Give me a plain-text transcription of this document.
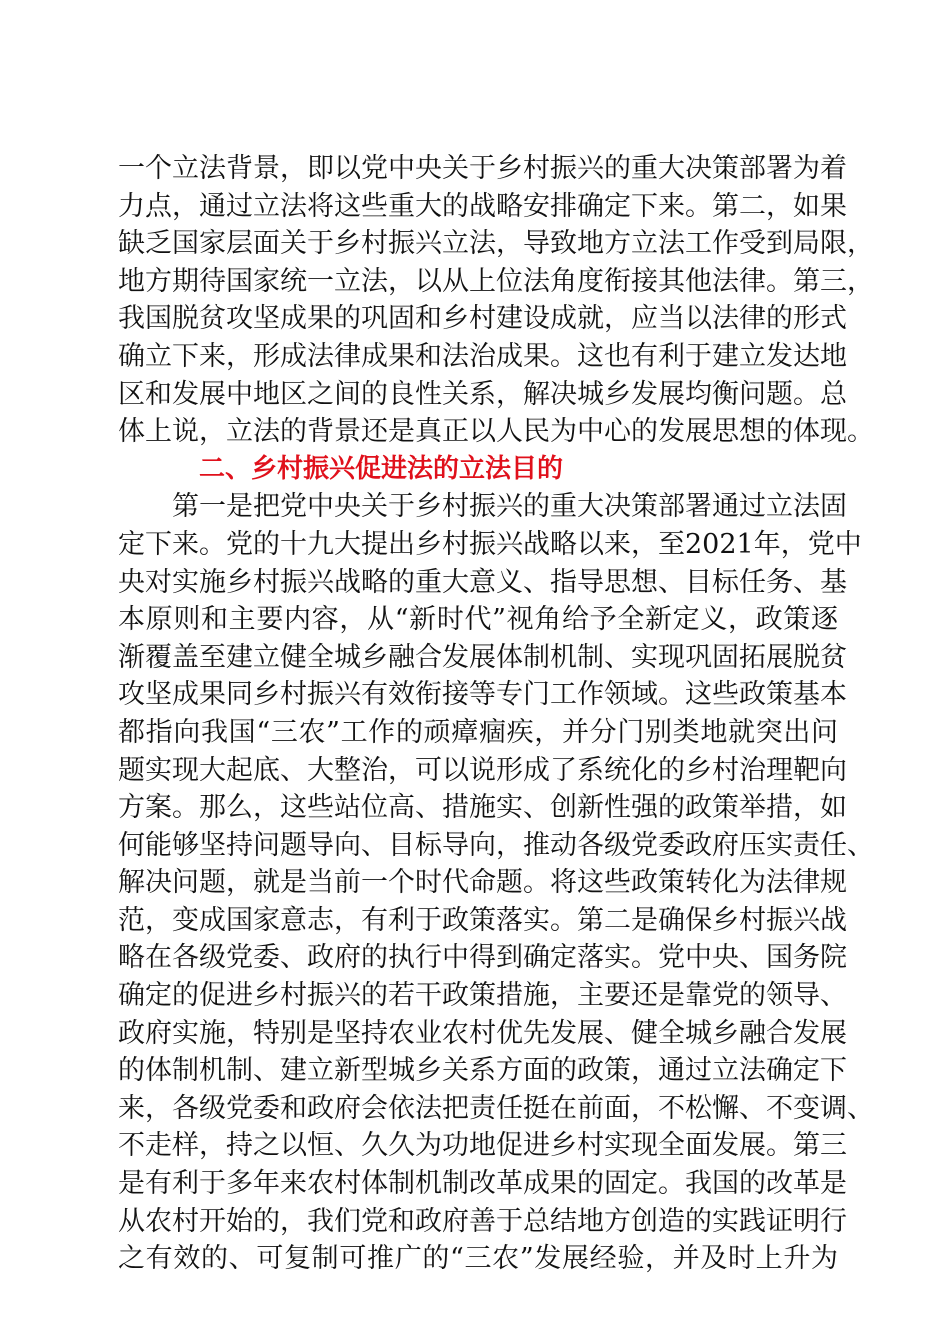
一个立法背景，即以党中央关于乡村振兴的重大决策部署为着
力点，通过立法将这些重大的战略安排确定下来。第二，如果
缺乏国家层面关于乡村振兴立法，导致地方立法工作受到局限，
地方期待国家统一立法，以从上位法角度衔接其他法律。第三，
我国脱贫攻坚成果的巩固和乡村建设成就，应当以法律的形式
确立下来，形成法律成果和法治成果。这也有利于建立发达地
区和发展中地区之间的良性关系，解决城乡发展均衡问题。总
体上说，立法的背景还是真正以人民为中心的发展思想的体现。
二、乡村振兴促进法的立法目的
第一是把党中央关于乡村振兴的重大决策部署通过立法固
定下来。党的十九大提出乡村振兴战略以来，至2021年，党中
央对实施乡村振兴战略的重大意义、指导思想、目标任务、基
本原则和主要内容，从“新时代”视角给予全新定义，政策逐
渐覆盖至建立健全城乡融合发展体制机制、实现巩固拓展脱贫
攻坚成果同乡村振兴有效衔接等专门工作领域。这些政策基本
都指向我国“三农”工作的顽瘴痼疾，并分门别类地就突出问
题实现大起底、大整治，可以说形成了系统化的乡村治理靶向
方案。那么，这些站位高、措施实、创新性强的政策举措，如
何能够坚持问题导向、目标导向，推动各级党委政府压实责任、
解决问题，就是当前一个时代命题。将这些政策转化为法律规
范，变成国家意志，有利于政策落实。第二是确保乡村振兴战
略在各级党委、政府的执行中得到确定落实。党中央、国务院
确定的促进乡村振兴的若干政策措施，主要还是靠党的领导、
政府实施，特别是坚持农业农村优先发展、健全城乡融合发展
的体制机制、建立新型城乡关系方面的政策，通过立法确定下
来，各级党委和政府会依法把责任挺在前面，不松懈、不变调、
不走样，持之以恒、久久为功地促进乡村实现全面发展。第三
是有利于多年来农村体制机制改革成果的固定。我国的改革是
从农村开始的，我们党和政府善于总结地方创造的实践证明行
之有效的、可复制可推广的“三农”发展经验，并及时上升为
